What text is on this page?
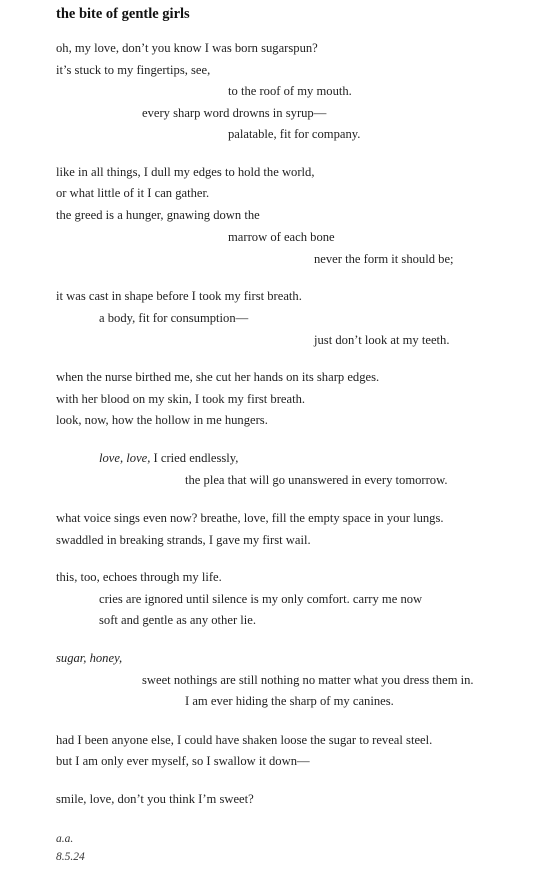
the bite of gentle girls
oh, my love, don’t you know I was born sugarspun?
it’s stuck to my fingertips, see,
to the roof of my mouth.
every sharp word drowns in syrup—
palatable, fit for company.
like in all things, I dull my edges to hold the world,
or what little of it I can gather.
the greed is a hunger, gnawing down the
marrow of each bone
never the form it should be;
it was cast in shape before I took my first breath.
a body, fit for consumption—
just don’t look at my teeth.
when the nurse birthed me, she cut her hands on its sharp edges.
with her blood on my skin, I took my first breath.
look, now, how the hollow in me hungers.
love, love, I cried endlessly,
the plea that will go unanswered in every tomorrow.
what voice sings even now? breathe, love, fill the empty space in your lungs.
swaddled in breaking strands, I gave my first wail.
this, too, echoes through my life.
cries are ignored until silence is my only comfort. carry me now
soft and gentle as any other lie.
sugar, honey,
sweet nothings are still nothing no matter what you dress them in.
I am ever hiding the sharp of my canines.
had I been anyone else, I could have shaken loose the sugar to reveal steel.
but I am only ever myself, so I swallow it down—
smile, love, don’t you think I’m sweet?
a.a.
8.5.24
